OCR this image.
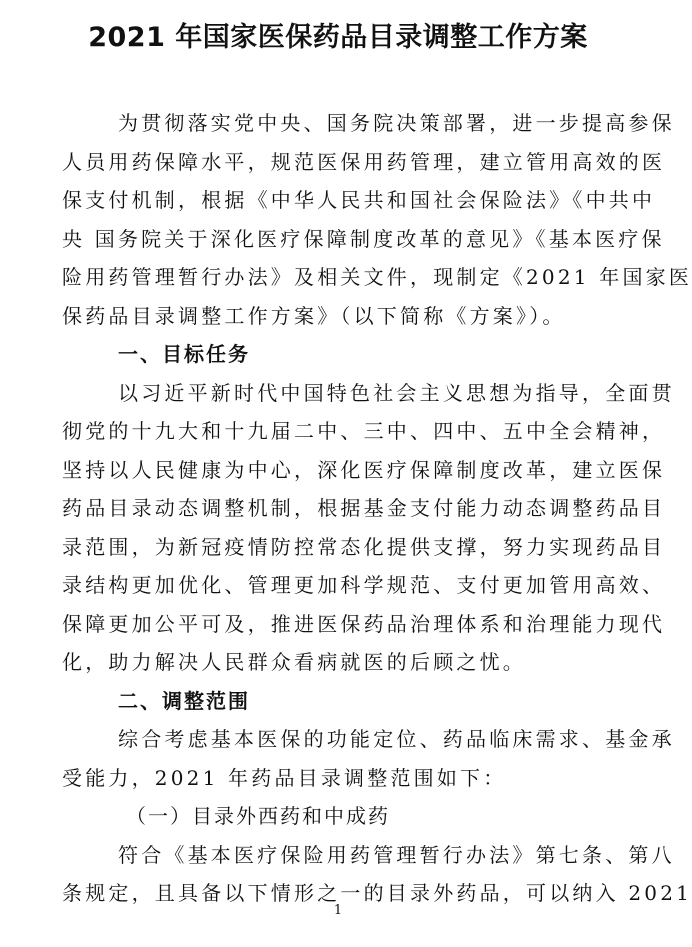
2021 年国家医保药品目录调整工作方案
为贯彻落实党中央、国务院决策部署，进一步提高参保
人员用药保障水平，规范医保用药管理，建立管用高效的医
保支付机制，根据《中华人民共和国社会保险法》《中共中
央 国务院关于深化医疗保障制度改革的意见》《基本医疗保
险用药管理暂行办法》及相关文件，现制定《2021 年国家医
保药品目录调整工作方案》（以下简称《方案》）。
一、目标任务
以习近平新时代中国特色社会主义思想为指导，全面贯
彻党的十九大和十九届二中、三中、四中、五中全会精神，
坚持以人民健康为中心，深化医疗保障制度改革，建立医保
药品目录动态调整机制，根据基金支付能力动态调整药品目
录范围，为新冠疫情防控常态化提供支撑，努力实现药品目
录结构更加优化、管理更加科学规范、支付更加管用高效、
保障更加公平可及，推进医保药品治理体系和治理能力现代
化，助力解决人民群众看病就医的后顾之忧。
二、调整范围
综合考虑基本医保的功能定位、药品临床需求、基金承
受能力，2021 年药品目录调整范围如下：
（一）目录外西药和中成药
符合《基本医疗保险用药管理暂行办法》第七条、第八
条规定，且具备以下情形之一的目录外药品，可以纳入 2021
1
